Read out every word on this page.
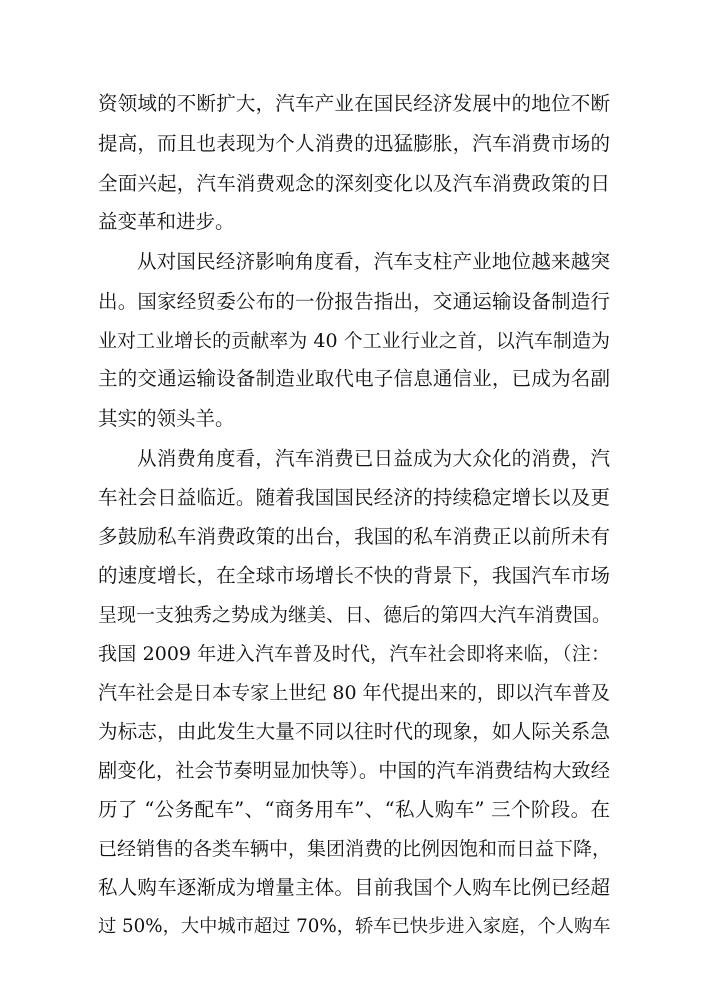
资领域的不断扩大，汽车产业在国民经济发展中的地位不断
提高，而且也表现为个人消费的迅猛膨胀，汽车消费市场的
全面兴起，汽车消费观念的深刻变化以及汽车消费政策的日
益变革和进步。
从对国民经济影响角度看，汽车支柱产业地位越来越突
出。国家经贸委公布的一份报告指出，交通运输设备制造行
业对工业增长的贡献率为 40 个工业行业之首，以汽车制造为
主的交通运输设备制造业取代电子信息通信业，已成为名副
其实的领头羊。
从消费角度看，汽车消费已日益成为大众化的消费，汽
车社会日益临近。随着我国国民经济的持续稳定增长以及更
多鼓励私车消费政策的出台，我国的私车消费正以前所未有
的速度增长，在全球市场增长不快的背景下，我国汽车市场
呈现一支独秀之势成为继美、日、德后的第四大汽车消费国。
我国 2009 年进入汽车普及时代，汽车社会即将来临，（注：
汽车社会是日本专家上世纪 80 年代提出来的，即以汽车普及
为标志，由此发生大量不同以往时代的现象，如人际关系急
剧变化，社会节奏明显加快等）。中国的汽车消费结构大致经
历了 “公务配车”、“商务用车”、“私人购车” 三个阶段。在
已经销售的各类车辆中，集团消费的比例因饱和而日益下降，
私人购车逐渐成为增量主体。目前我国个人购车比例已经超
过 50%，大中城市超过 70%，轿车已快步进入家庭，个人购车
